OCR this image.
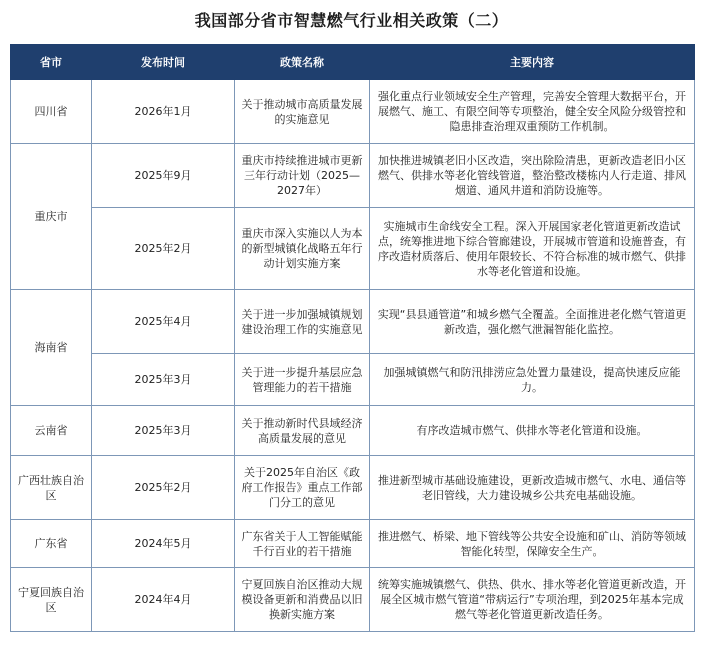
我国部分省市智慧燃气行业相关政策（二）
省市	发布时间	政策名称	主要内容
四川省	2026年1月	关于推动城市高质量发展的实施意见	强化重点行业领域安全生产管理，完善安全管理大数据平台，开展燃气、施工、有限空间等专项整治，健全安全风险分级管控和隐患排查治理双重预防工作机制。
重庆市	2025年9月	重庆市持续推进城市更新三年行动计划（2025—2027年）	加快推进城镇老旧小区改造，突出除险清患，更新改造老旧小区燃气、供排水等老化管线管道，整治整改楼栋内人行走道、排风烟道、通风井道和消防设施等。
	2025年2月	重庆市深入实施以人为本的新型城镇化战略五年行动计划实施方案	实施城市生命线安全工程。深入开展国家老化管道更新改造试点，统筹推进地下综合管廊建设，开展城市管道和设施普查，有序改造材质落后、使用年限较长、不符合标准的城市燃气、供排水等老化管道和设施。
海南省	2025年4月	关于进一步加强城镇规划建设治理工作的实施意见	实现“县县通管道”和城乡燃气全覆盖。全面推进老化燃气管道更新改造，强化燃气泄漏智能化监控。
	2025年3月	关于进一步提升基层应急管理能力的若干措施	加强城镇燃气和防汛排涝应急处置力量建设，提高快速反应能力。
云南省	2025年3月	关于推动新时代县域经济高质量发展的意见	有序改造城市燃气、供排水等老化管道和设施。
广西壮族自治区	2025年2月	关于2025年自治区《政府工作报告》重点工作部门分工的意见	推进新型城市基础设施建设，更新改造城市燃气、水电、通信等老旧管线，大力建设城乡公共充电基础设施。
广东省	2024年5月	广东省关于人工智能赋能千行百业的若干措施	推进燃气、桥梁、地下管线等公共安全设施和矿山、消防等领域智能化转型，保障安全生产。
宁夏回族自治区	2024年4月	宁夏回族自治区推动大规模设备更新和消费品以旧换新实施方案	统筹实施城镇燃气、供热、供水、排水等老化管道更新改造，开展全区城市燃气管道“带病运行”专项治理，到2025年基本完成燃气等老化管道更新改造任务。
